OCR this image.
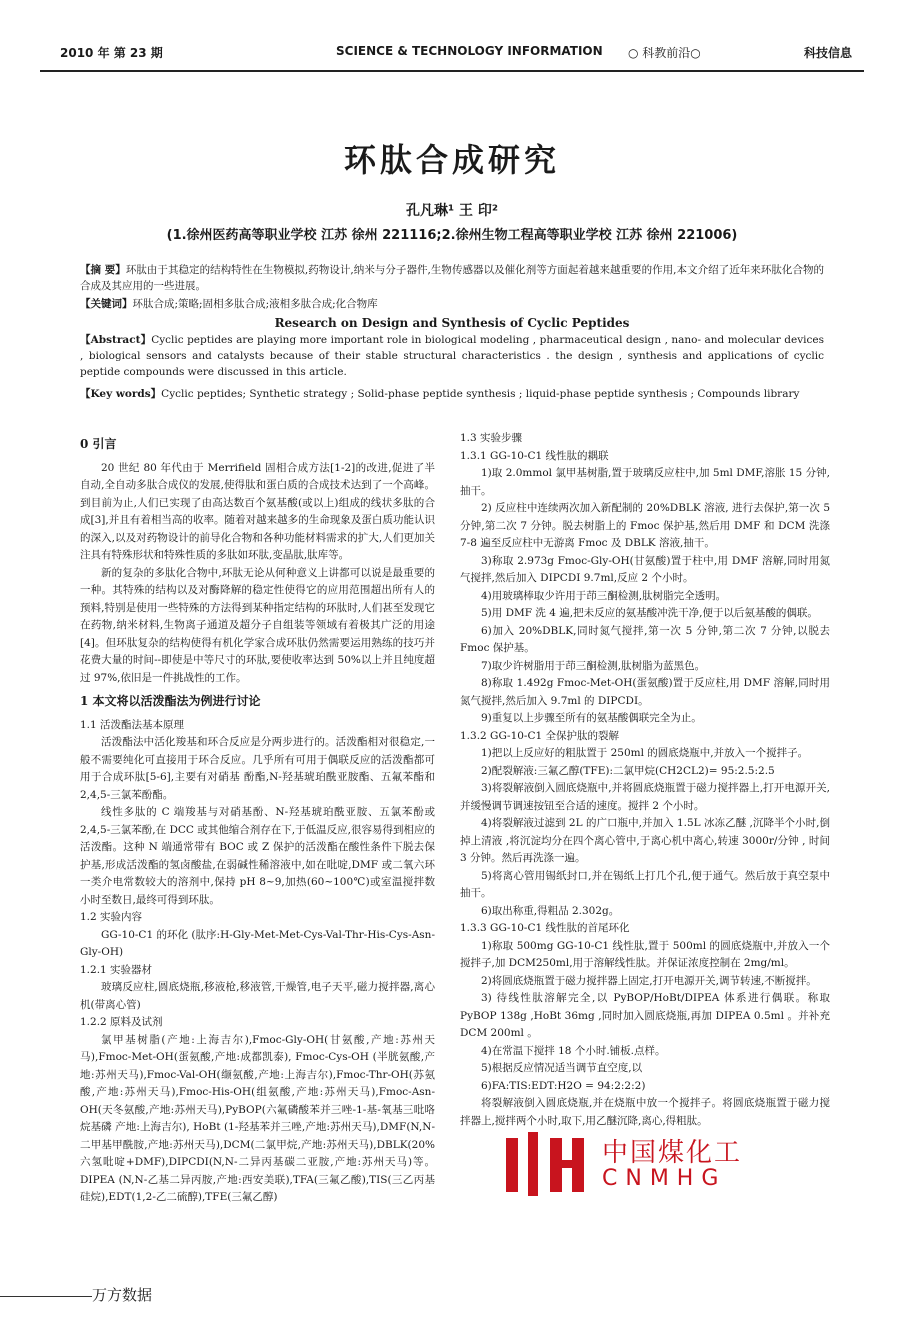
2010 年 第 23 期	SCIENCE & TECHNOLOGY INFORMATION ○ 科教前沿○	科技信息
环肽合成研究
孔凡琳¹ 王 印²
(1.徐州医药高等职业学校 江苏 徐州 221116;2.徐州生物工程高等职业学校 江苏 徐州 221006)
【摘 要】环肽由于其稳定的结构特性在生物模拟,药物设计,纳米与分子器件,生物传感器以及催化剂等方面起着越来越重要的作用,本文介绍了近年来环肽化合物的合成及其应用的一些进展。
【关键词】环肽合成;策略;固相多肽合成;液相多肽合成;化合物库
Research on Design and Synthesis of Cyclic Peptides
【Abstract】Cyclic peptides are playing more important role in biological modeling , pharmaceutical design , nano- and molecular devices , biological sensors and catalysts because of their stable structural characteristics . the design , synthesis and applications of cyclic peptide compounds were discussed in this article.
【Key words】Cyclic peptides; Synthetic strategy ; Solid-phase peptide synthesis ; liquid-phase peptide synthesis ; Compounds library

0 引言

20 世纪 80 年代由于 Merrifield 固相合成方法[1-2]的改进,促进了半自动,全自动多肽合成仪的发展,使得肽和蛋白质的合成技术达到了一个高峰。到目前为止,人们已实现了由高达数百个氨基酸(或以上)组成的线状多肽的合成[3],并且有着相当高的收率。随着对越来越多的生命现象及蛋白质功能认识的深入,以及对药物设计的前导化合物和各种功能材料需求的扩大,人们更加关注具有特殊形状和特殊性质的多肽如环肽,变晶肽,肽库等。

新的复杂的多肽化合物中,环肽无论从何种意义上讲都可以说是最重要的一种。其特殊的结构以及对酶降解的稳定性使得它的应用范围超出所有人的预料,特别是使用一些特殊的方法得到某种指定结构的环肽时,人们甚至发现它在药物,纳米材料,生物离子通道及超分子自组装等领域有着极其广泛的用途[4]。但环肽复杂的结构使得有机化学家合成环肽仍然需要运用熟练的技巧并花费大量的时间--即使是中等尺寸的环肽,要使收率达到 50%以上并且纯度超过 97%,依旧是一件挑战性的工作。

1 本文将以活泼酯法为例进行讨论

1.1 活泼酯法基本原理

活泼酯法中活化羧基和环合反应是分两步进行的。活泼酯相对很稳定,一般不需要纯化可直接用于环合反应。几乎所有可用于偶联反应的活泼酯都可用于合成环肽[5-6],主要有对硝基 酚酯,N-羟基琥珀酰亚胺酯、五氟苯酯和 2,4,5-三氯苯酚酯。

线性多肽的 C 端羧基与对硝基酚、N-羟基琥珀酰亚胺、五氯苯酚或 2,4,5-三氯苯酚,在 DCC 或其他缩合剂存在下,于低温反应,很容易得到相应的活泼酯。这种 N 端通常带有 BOC 或 Z 保护的活泼酯在酸性条件下脱去保护基,形成活泼酯的氢卤酸盐,在弱碱性稀溶液中,如在吡啶,DMF 或二氧六环一类介电常数较大的溶剂中,保持 pH 8~9,加热(60~100℃)或室温搅拌数小时至数日,最终可得到环肽。

1.2 实验内容

GG-10-C1 的环化 (肽序:H-Gly-Met-Met-Cys-Val-Thr-His-Cys-Asn-Gly-OH)

1.2.1 实验器材

玻璃反应柱,圆底烧瓶,移液枪,移液管,干燥管,电子天平,磁力搅拌器,离心机(带离心管)

1.2.2 原料及试剂

氯甲基树脂(产地:上海吉尔),Fmoc-Gly-OH(甘氨酸,产地:苏州天马),Fmoc-Met-OH(蛋氨酸,产地:成都凯泰), Fmoc-Cys-OH (半胱氨酸,产地:苏州天马),Fmoc-Val-OH(缬氨酸,产地:上海吉尔),Fmoc-Thr-OH(苏氨酸,产地:苏州天马),Fmoc-His-OH(组氨酸,产地:苏州天马),Fmoc-Asn-OH(天冬氨酸,产地:苏州天马),PyBOP(六氟磷酸苯并三唑-1-基-氧基三吡咯烷基磷 产地:上海吉尔), HoBt (1-羟基苯并三唑,产地:苏州天马),DMF(N,N-二甲基甲酰胺,产地:苏州天马),DCM(二氯甲烷,产地:苏州天马),DBLK(20%六氢吡啶+DMF),DIPCDI(N,N-二异丙基碳二亚胺,产地:苏州天马)等。DIPEA (N,N-乙基二异丙胺,产地:西安美联),TFA(三氟乙酸),TIS(三乙丙基硅烷),EDT(1,2-乙二硫醇),TFE(三氟乙醇)

1.3 实验步骤

1.3.1 GG-10-C1 线性肽的耦联

1)取 2.0mmol 氯甲基树脂,置于玻璃反应柱中,加 5ml DMF,溶胀 15 分钟,抽干。

2) 反应柱中连续两次加入新配制的 20%DBLK 溶液, 进行去保护,第一次 5 分钟,第二次 7 分钟。脱去树脂上的 Fmoc 保护基,然后用 DMF 和 DCM 洗涤 7-8 遍至反应柱中无游离 Fmoc 及 DBLK 溶液,抽干。

3)称取 2.973g Fmoc-Gly-OH(甘氨酸)置于柱中,用 DMF 溶解,同时用氮气搅拌,然后加入 DIPCDI 9.7ml,反应 2 个小时。

4)用玻璃棒取少许用于茚三酮检测,肽树脂完全透明。

5)用 DMF 洗 4 遍,把未反应的氨基酸冲洗干净,便于以后氨基酸的偶联。

6)加入 20%DBLK,同时氮气搅拌,第一次 5 分钟,第二次 7 分钟,以脱去 Fmoc 保护基。

7)取少许树脂用于茚三酮检测,肽树脂为蓝黑色。

8)称取 1.492g Fmoc-Met-OH(蛋氨酸)置于反应柱,用 DMF 溶解,同时用氮气搅拌,然后加入 9.7ml 的 DIPCDI。

9)重复以上步骤至所有的氨基酸偶联完全为止。

1.3.2 GG-10-C1 全保护肽的裂解

1)把以上反应好的粗肽置于 250ml 的圆底烧瓶中,并放入一个搅拌子。

2)配裂解液:三氟乙醇(TFE):二氯甲烷(CH2CL2)= 95:2.5:2.5

3)将裂解液倒入圆底烧瓶中,并将圆底烧瓶置于磁力搅拌器上,打开电源开关,并缓慢调节调速按钮至合适的速度。搅拌 2 个小时。

4)将裂解液过滤到 2L 的广口瓶中,并加入 1.5L 冰冻乙醚 ,沉降半个小时,倒掉上清液 ,将沉淀均分在四个离心管中,于离心机中离心,转速 3000r/分钟 , 时间 3 分钟。然后再洗涤一遍。

5)将离心管用锡纸封口,并在锡纸上打几个孔,便于通气。然后放于真空泵中抽干。

6)取出称重,得粗品 2.302g。

1.3.3 GG-10-C1 线性肽的首尾环化

1)称取 500mg GG-10-C1 线性肽,置于 500ml 的圆底烧瓶中,并放入一个搅拌子,加 DCM250ml,用于溶解线性肽。并保证浓度控制在 2mg/ml。

2)将圆底烧瓶置于磁力搅拌器上固定,打开电源开关,调节转速,不断搅拌。

3) 待线性肽溶解完全,以 PyBOP/HoBt/DIPEA 体系进行偶联。称取 PyBOP 138g ,HoBt 36mg ,同时加入圆底烧瓶,再加 DIPEA 0.5ml 。并补充 DCM 200ml 。

4)在常温下搅拌 18 个小时.铺板.点样。

5)根据反应情况适当调节直空度,以

6)FA:TIS:EDT:H2O = 94:2:2:2)

将裂解液倒入圆底烧瓶,并在烧瓶中放一个搅拌子。将圆底烧瓶置于磁力搅拌器上,搅拌两个小时,取下,用乙醚沉降,离心,得粗肽。

中国煤化工
CNMHG
万方数据
